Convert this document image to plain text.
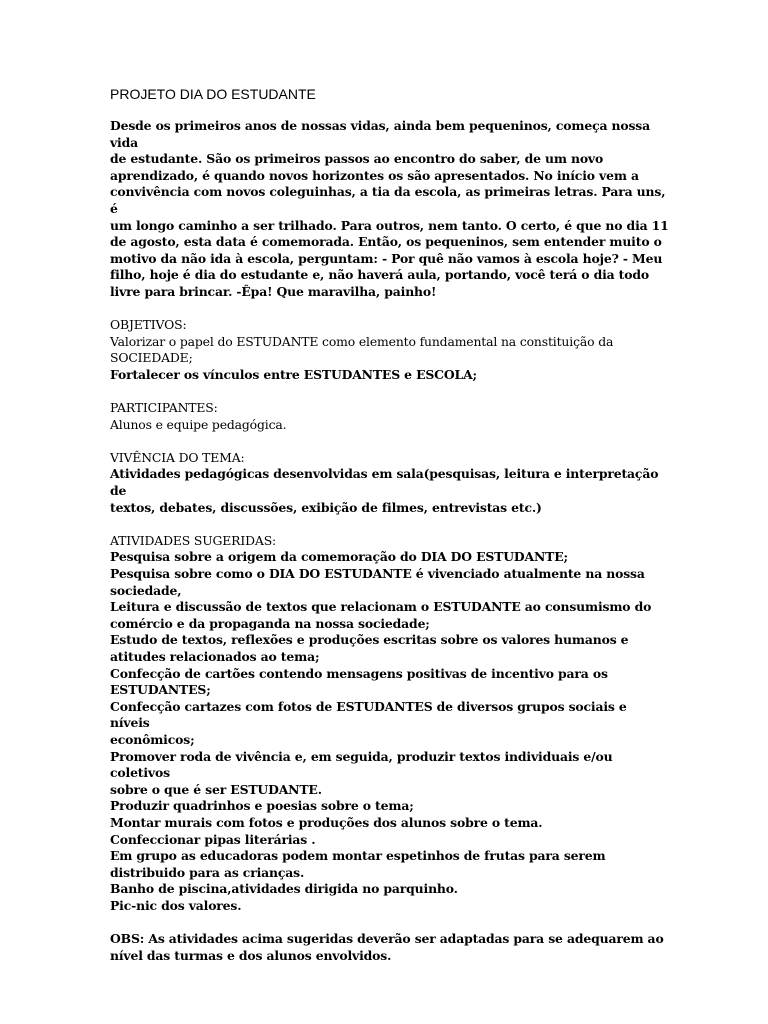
PROJETO DIA DO ESTUDANTE
Desde os primeiros anos de nossas vidas, ainda bem pequeninos, começa nossa vida
de estudante. São os primeiros passos ao encontro do saber, de um novo
aprendizado, é quando novos horizontes os são apresentados. No início vem a
convivência com novos coleguinhas, a tia da escola, as primeiras letras. Para uns, é
um longo caminho a ser trilhado. Para outros, nem tanto. O certo, é que no dia 11
de agosto, esta data é comemorada. Então, os pequeninos, sem entender muito o
motivo da não ida à escola, perguntam: - Por quê não vamos à escola hoje? - Meu
filho, hoje é dia do estudante e, não haverá aula, portando, você terá o dia todo
livre para brincar. -Êpa! Que maravilha, painho!
OBJETIVOS:
Valorizar o papel do ESTUDANTE como elemento fundamental na constituição da
SOCIEDADE;
Fortalecer os vínculos entre ESTUDANTES e ESCOLA;
PARTICIPANTES:
Alunos e equipe pedagógica.
VIVÊNCIA DO TEMA:
Atividades pedagógicas desenvolvidas em sala(pesquisas, leitura e interpretação de
textos, debates, discussões, exibição de filmes, entrevistas etc.)
ATIVIDADES SUGERIDAS:
Pesquisa sobre a origem da comemoração do DIA DO ESTUDANTE;
Pesquisa sobre como o DIA DO ESTUDANTE é vivenciado atualmente na nossa
sociedade,
Leitura e discussão de textos que relacionam o ESTUDANTE ao consumismo do
comércio e da propaganda na nossa sociedade;
Estudo de textos, reflexões e produções escritas sobre os valores humanos e
atitudes relacionados ao tema;
Confecção de cartões contendo mensagens positivas de incentivo para os
ESTUDANTES;
Confecção cartazes com fotos de ESTUDANTES de diversos grupos sociais e níveis
econômicos;
Promover roda de vivência e, em seguida, produzir textos individuais e/ou coletivos
sobre o que é ser ESTUDANTE.
Produzir quadrinhos e poesias sobre o tema;
Montar murais com fotos e produções dos alunos sobre o tema.
Confeccionar pipas literárias .
Em grupo as educadoras podem montar espetinhos de frutas para serem
distribuido para as crianças.
Banho de piscina,atividades dirigida no parquinho.
Pic-nic dos valores.
OBS: As atividades acima sugeridas deverão ser adaptadas para se adequarem ao
nível das turmas e dos alunos envolvidos.
